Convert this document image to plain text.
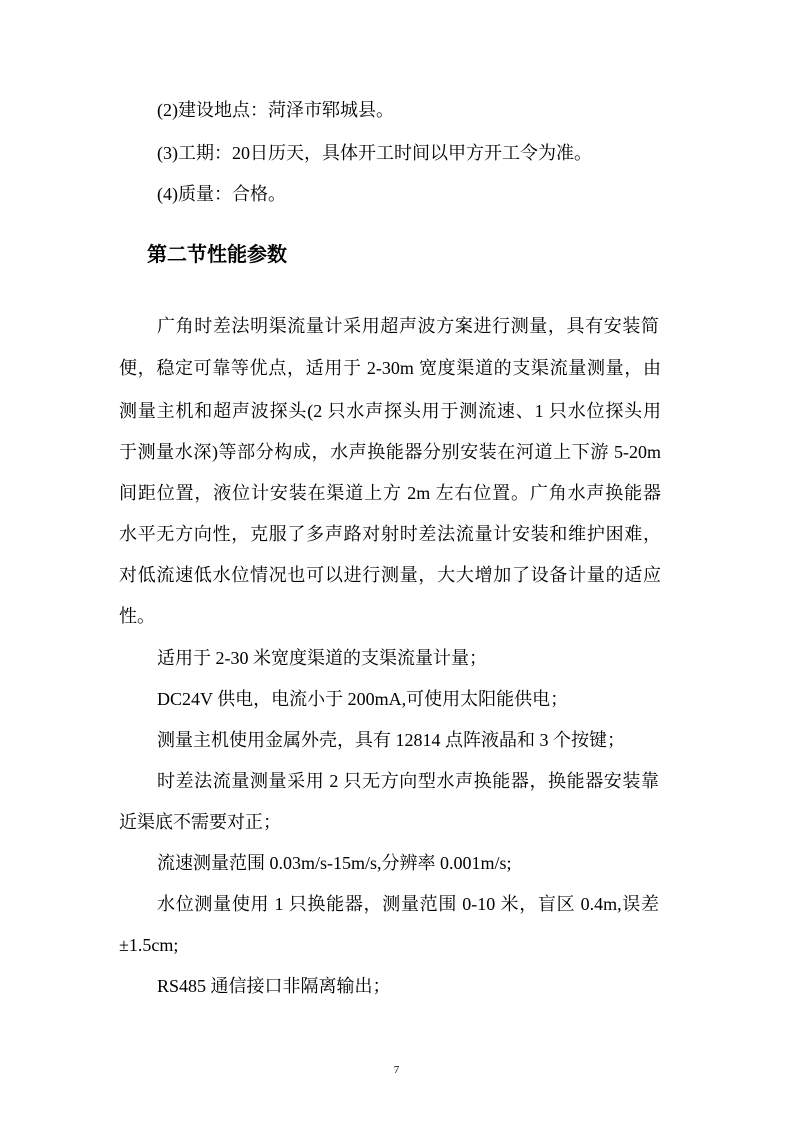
(2)建设地点：菏泽市郓城县。

(3)工期：20日历天，具体开工时间以甲方开工令为准。

(4)质量：合格。

第二节性能参数

广角时差法明渠流量计采用超声波方案进行测量，具有安装简

便，稳定可靠等优点，适用于 2-30m 宽度渠道的支渠流量测量，由

测量主机和超声波探头(2 只水声探头用于测流速、1 只水位探头用

于测量水深)等部分构成，水声换能器分别安装在河道上下游 5-20m

间距位置，液位计安装在渠道上方 2m 左右位置。广角水声换能器

水平无方向性，克服了多声路对射时差法流量计安装和维护困难，

对低流速低水位情况也可以进行测量，大大增加了设备计量的适应

性。

适用于 2-30 米宽度渠道的支渠流量计量；

DC24V 供电，电流小于 200mA,可使用太阳能供电；

测量主机使用金属外壳，具有 12814 点阵液晶和 3 个按键；

时差法流量测量采用 2 只无方向型水声换能器，换能器安装靠

近渠底不需要对正；

流速测量范围 0.03m/s-15m/s,分辨率 0.001m/s;

水位测量使用 1 只换能器，测量范围 0-10 米，盲区 0.4m,误差

±1.5cm;

RS485 通信接口非隔离输出；

7
